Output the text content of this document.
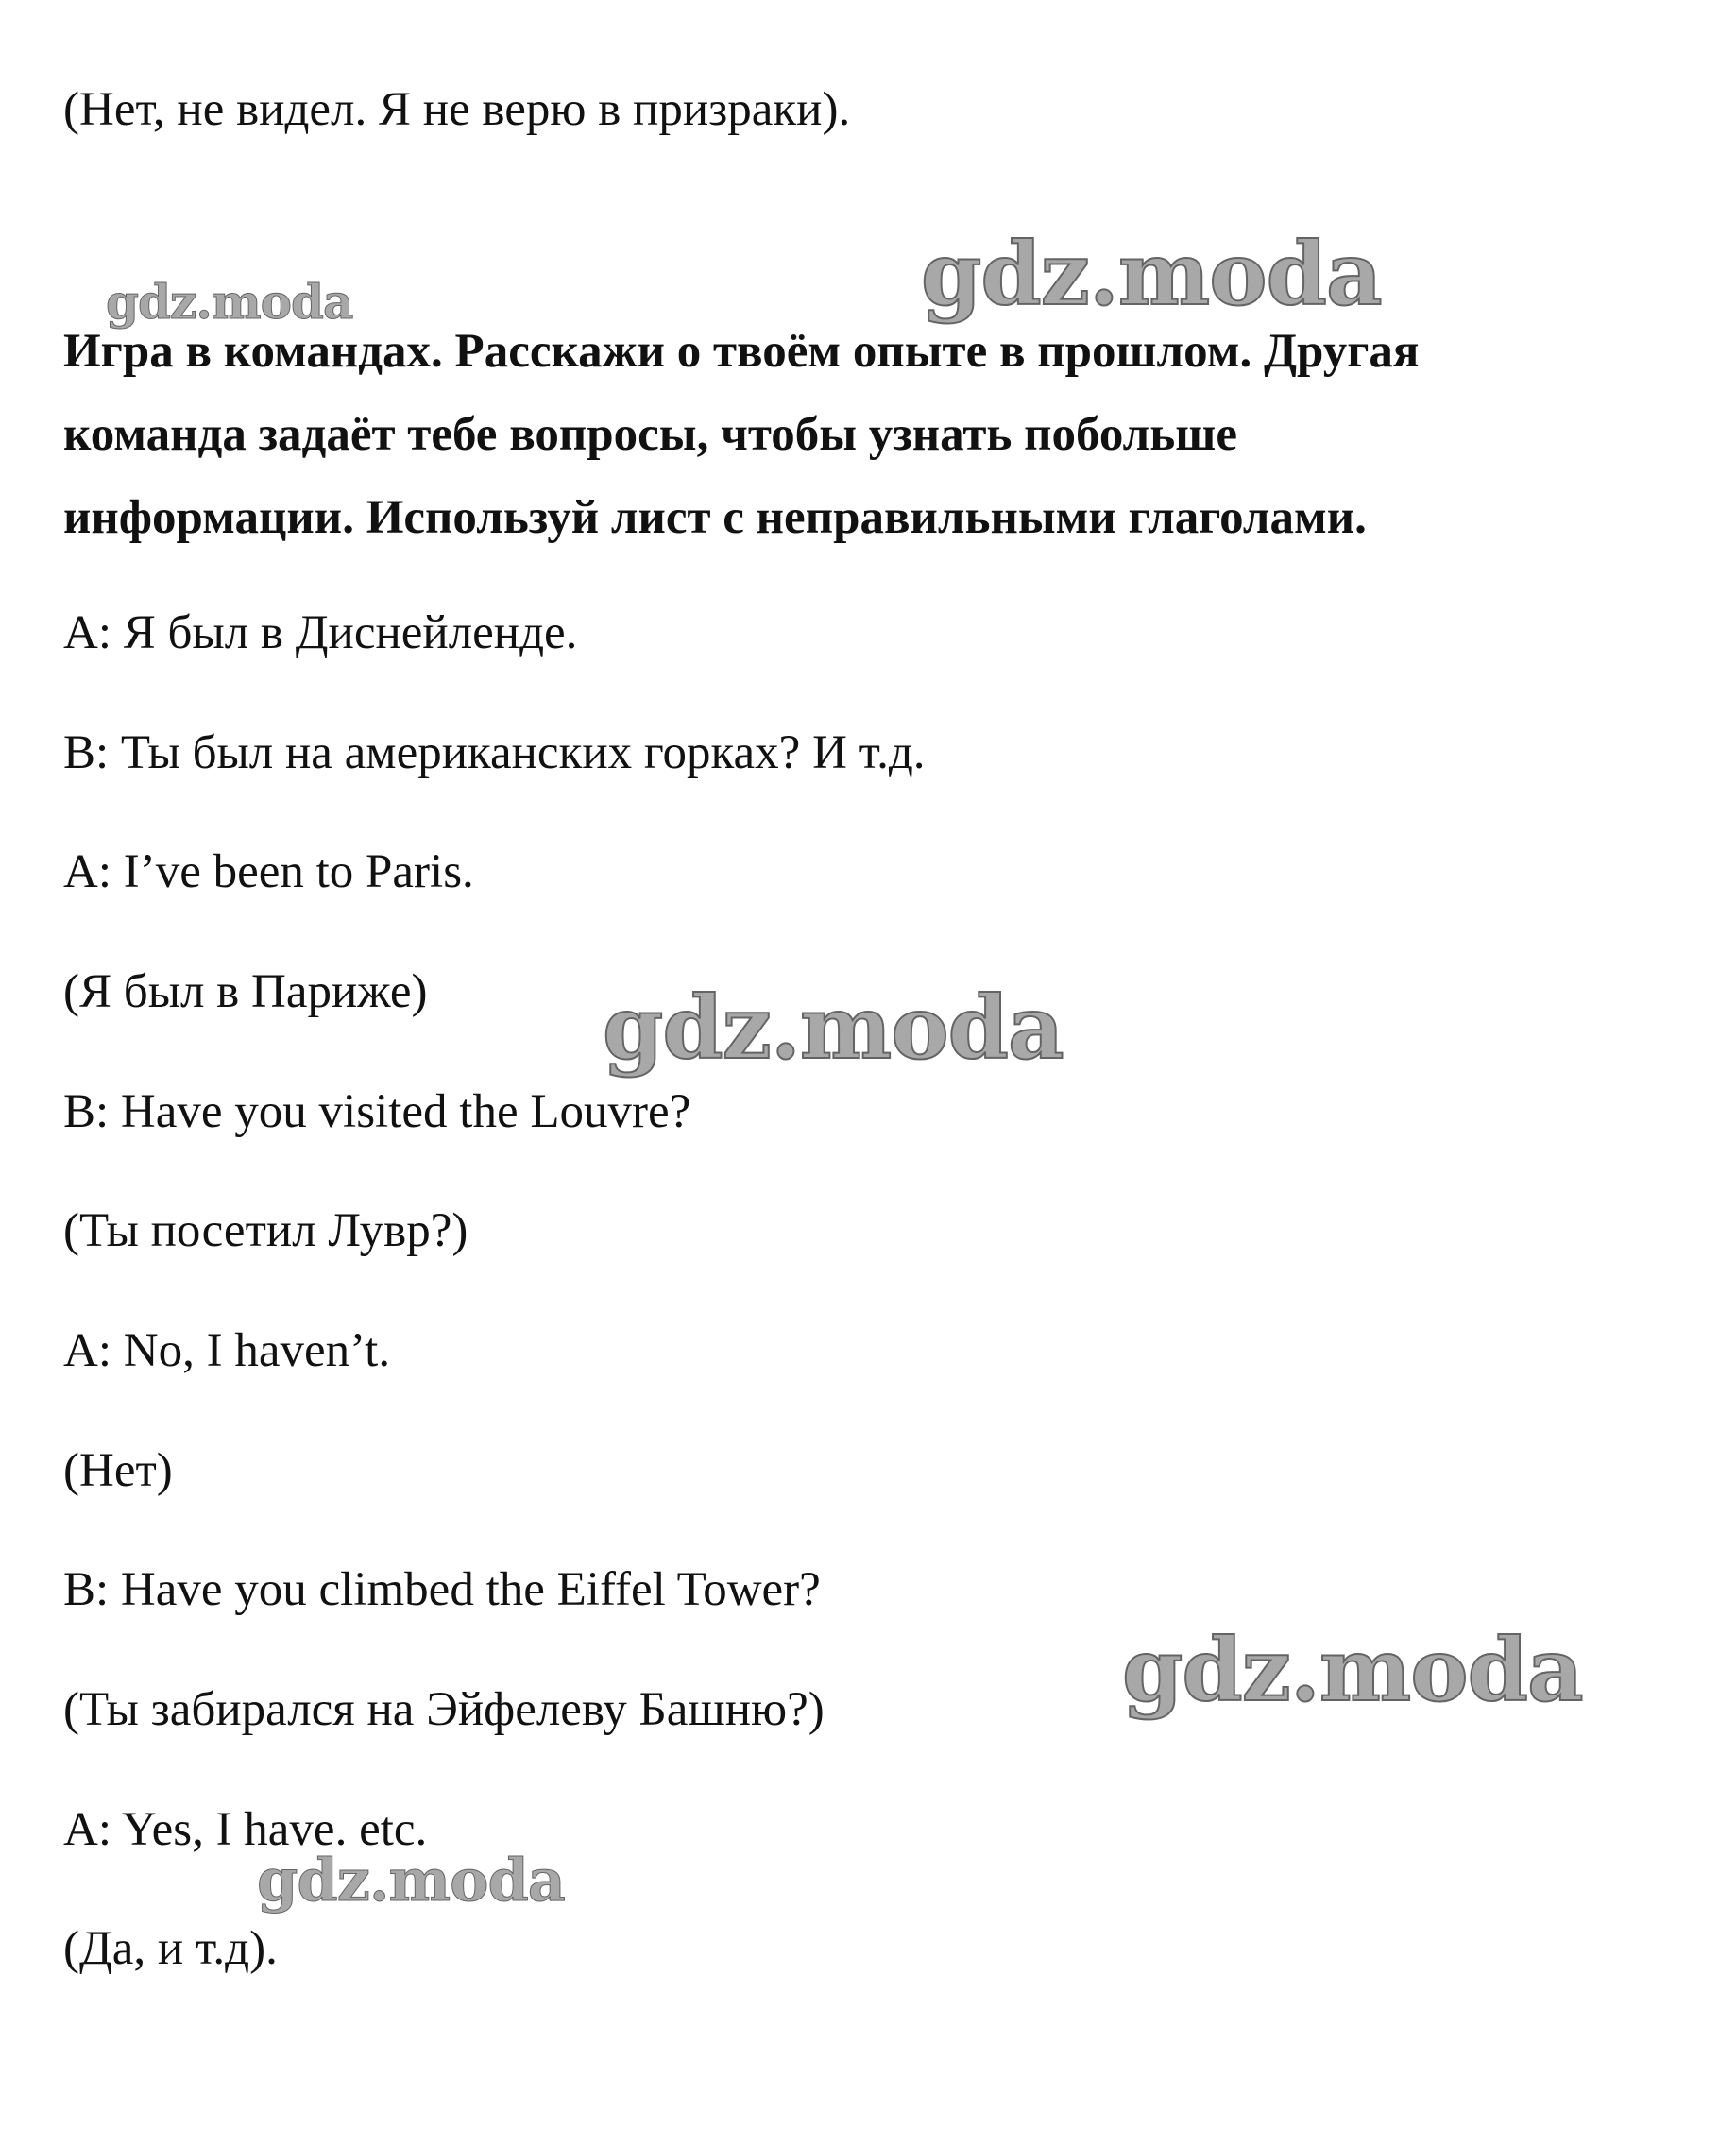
(Нет, не видел. Я не верю в призраки).
gdz.moda	gdz.moda
Игра в командах. Расскажи о твоём опыте в прошлом. Другая
команда задаёт тебе вопросы, чтобы узнать побольше
информации. Используй лист с неправильными глаголами.
A: Я был в Диснейленде.
B: Ты был на американских горках? И т.д.
A: I’ve been to Paris.
(Я был в Париже) gdz.moda
B: Have you visited the Louvre?
(Ты посетил Лувр?)
A: No, I haven’t.
(Нет)
B: Have you climbed the Eiffel Tower?
(Ты забирался на Эйфелеву Башню?)	gdz.moda
A: Yes, I have. etc.
gdz.moda
(Да, и т.д).
